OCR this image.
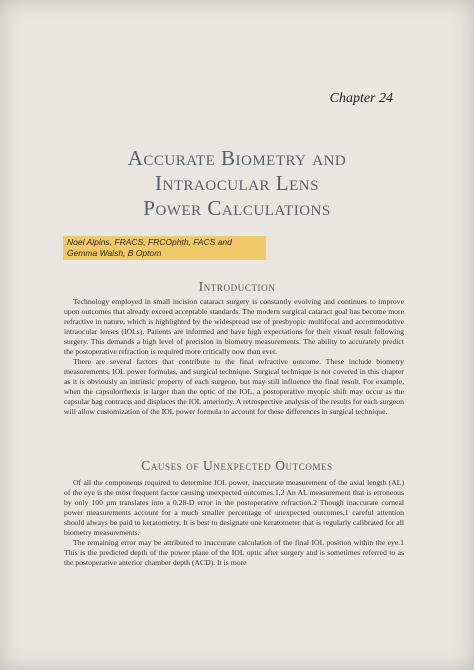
Chapter 24
Accurate Biometry and
Intraocular Lens
Power Calculations
Noel Alpins, FRACS, FRCOphth, FACS and
Gemma Walsh, B Optom
Introduction

Technology employed in small incision cataract surgery is constantly evolving and continues to improve upon outcomes that already exceed acceptable standards. The modern surgical cataract goal has become more refractive in nature, which is highlighted by the widespread use of presbyopic multifocal and accommodative intraocular lenses (IOLs). Patients are informed and have high expectations for their visual result following surgery. This demands a high level of precision in biometry measurements. The ability to accurately predict the postoperative refraction is required more critically now than ever.

There are several factors that contribute to the final refractive outcome. These include biometry measurements, IOL power formulas, and surgical technique. Surgical technique is not covered in this chapter as it is obviously an intrinsic property of each surgeon, but may still influence the final result. For example, when the capsulorrhexis is larger than the optic of the IOL, a postoperative myopic shift may occur as the capsular bag contracts and displaces the IOL anteriorly. A retrospective analysis of the results for each surgeon will allow customization of the IOL power formula to account for these differences in surgical technique.

Causes of Unexpected Outcomes

Of all the components required to determine IOL power, inaccurate measurement of the axial length (AL) of the eye is the most frequent factor causing unexpected outcomes.1,2 An AL measurement that is erroneous by only 100 µm translates into a 0.28-D error in the postoperative refraction.2 Though inaccurate corneal power measurements account for a much smaller percentage of unexpected outcomes,1 careful attention should always be paid to keratometry. It is best to designate one keratometer that is regularly calibrated for all biometry measurements.

The remaining error may be attributed to inaccurate calculation of the final IOL position within the eye.1 This is the predicted depth of the power plane of the IOL optic after surgery and is sometimes referred to as the postoperative anterior chamber depth (ACD). It is more
